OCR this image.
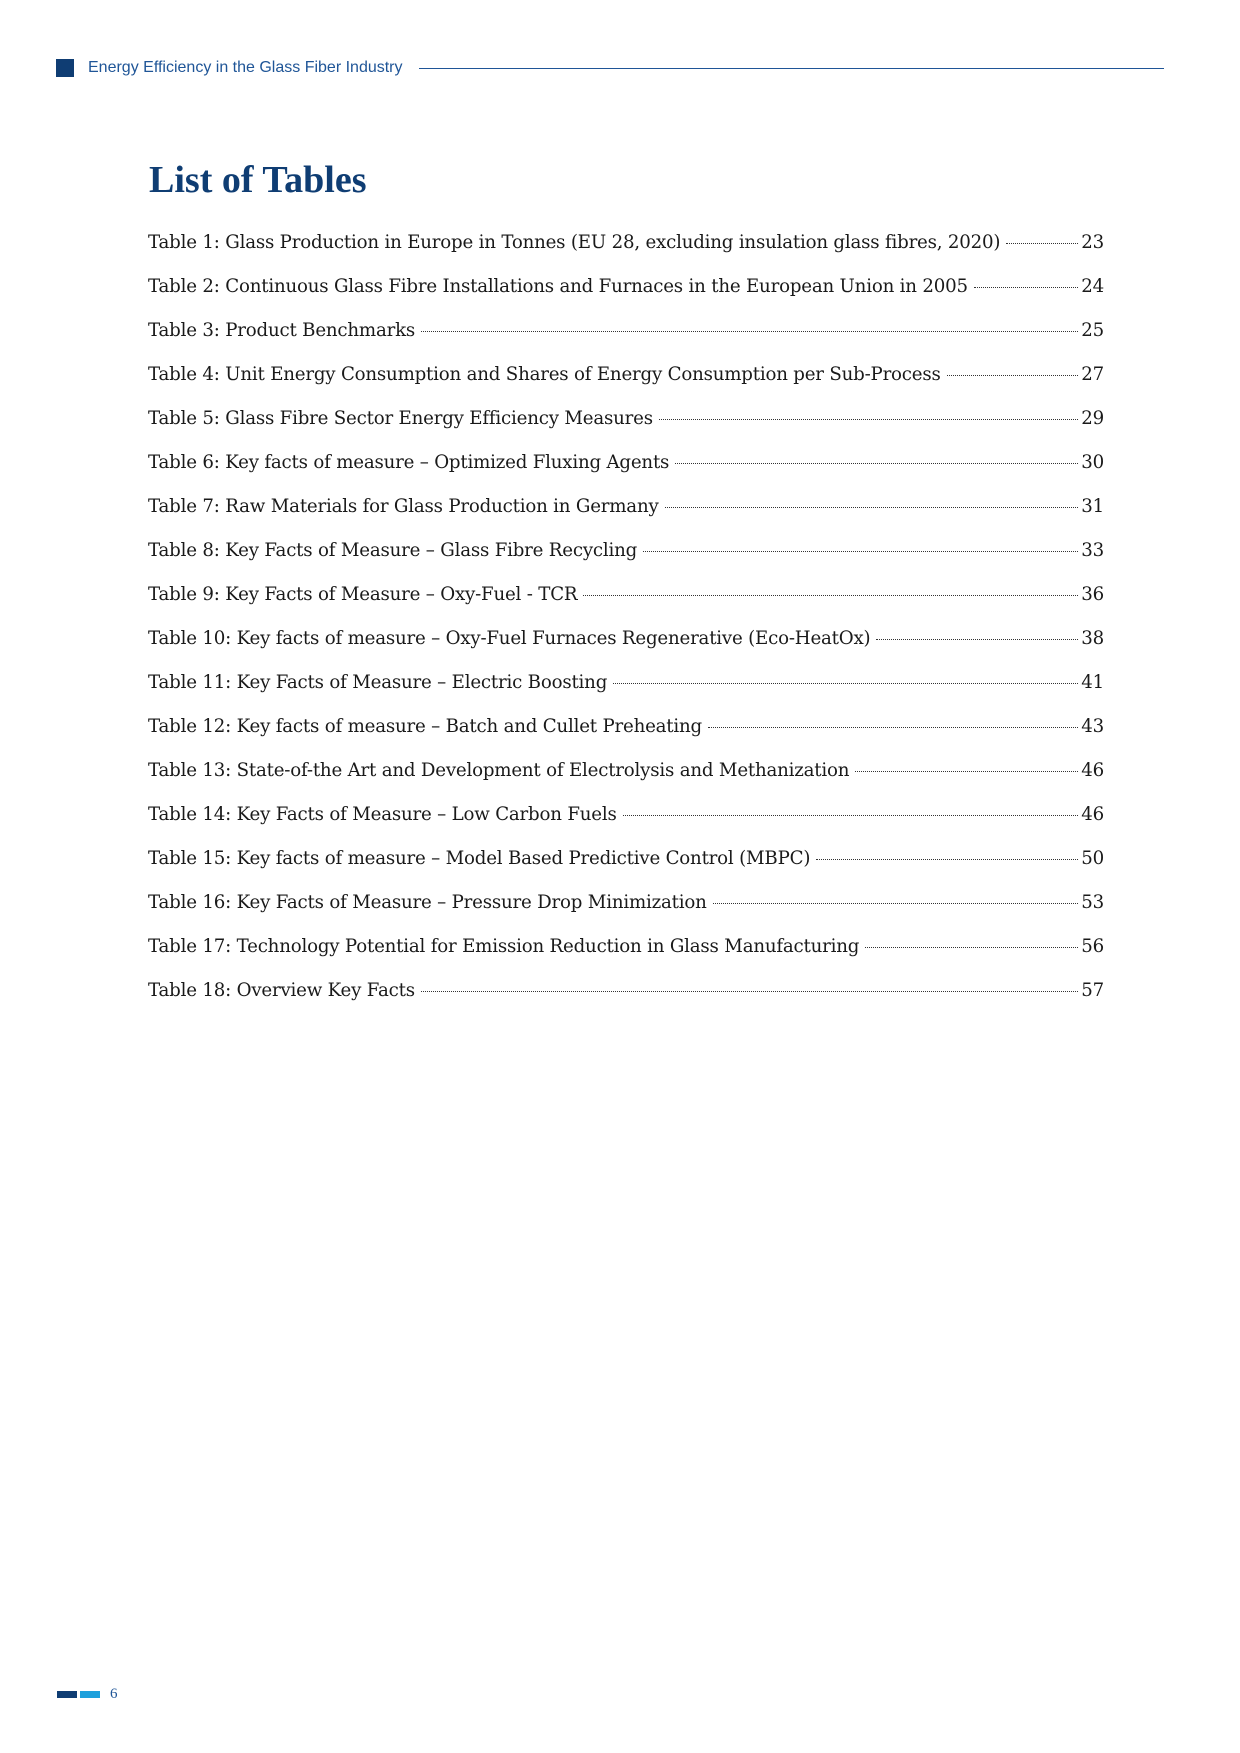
Energy Efficiency in the Glass Fiber Industry
List of Tables
Table 1: Glass Production in Europe in Tonnes (EU 28, excluding insulation glass fibres, 2020)	23
Table 2: Continuous Glass Fibre Installations and Furnaces in the European Union in 2005	24
Table 3: Product Benchmarks	25
Table 4: Unit Energy Consumption and Shares of Energy Consumption per Sub-Process	27
Table 5: Glass Fibre Sector Energy Efficiency Measures	29
Table 6: Key facts of measure – Optimized Fluxing Agents	30
Table 7: Raw Materials for Glass Production in Germany	31
Table 8: Key Facts of Measure – Glass Fibre Recycling	33
Table 9: Key Facts of Measure – Oxy-Fuel - TCR	36
Table 10: Key facts of measure – Oxy-Fuel Furnaces Regenerative (Eco-HeatOx)	38
Table 11: Key Facts of Measure – Electric Boosting	41
Table 12: Key facts of measure – Batch and Cullet Preheating	43
Table 13: State-of-the Art and Development of Electrolysis and Methanization	46
Table 14: Key Facts of Measure – Low Carbon Fuels	46
Table 15: Key facts of measure – Model Based Predictive Control (MBPC)	50
Table 16: Key Facts of Measure – Pressure Drop Minimization	53
Table 17: Technology Potential for Emission Reduction in Glass Manufacturing	56
Table 18: Overview Key Facts	57
6
